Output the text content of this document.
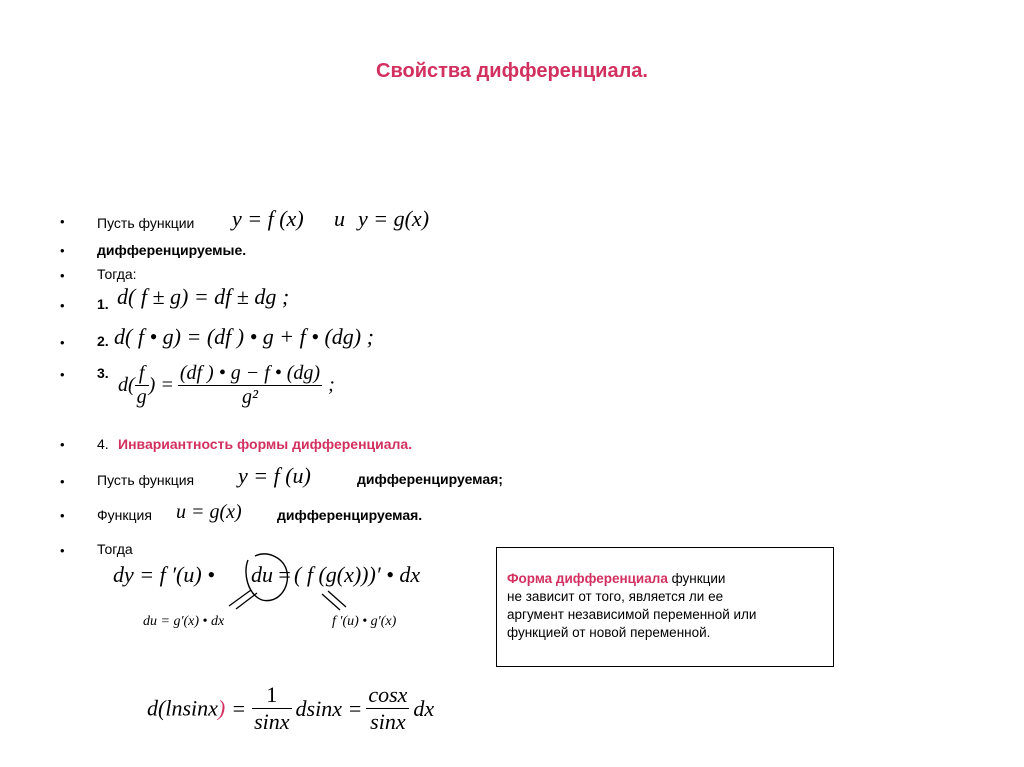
Свойства дифференциала.
•
•
•
•
•
•
•
•
•
•
Пусть функции y = f (x) u y = g(x)
дифференцируемые.
Тогда:
1. d( f ± g) = df ± dg ;
2. d( f • g) = (df ) • g + f • (dg) ;
3.
$d( \frac{f}{g}$ ) = $\frac{(df ) • g - f • (dg)}{\text{g²}}$ ;
4. Инвариантность формы дифференциала.
Пусть функция y = f (u)	дифференцируемая;
Функция u = g(x)	дифференцируемая.
Тогда
dy = f ′(u) • du = ( f (g(x)))′ • dx
du = g′(x) • dx	f ′(u) • g′(x)
Форма дифференциала функции
не зависит от того, является ли ее
аргумент независимой переменной или
функцией от новой переменной.
$d(lnsinx) = \frac{1}{\sin x}$ $dsinx = \frac{\cos x}{\sin x}$ dx
